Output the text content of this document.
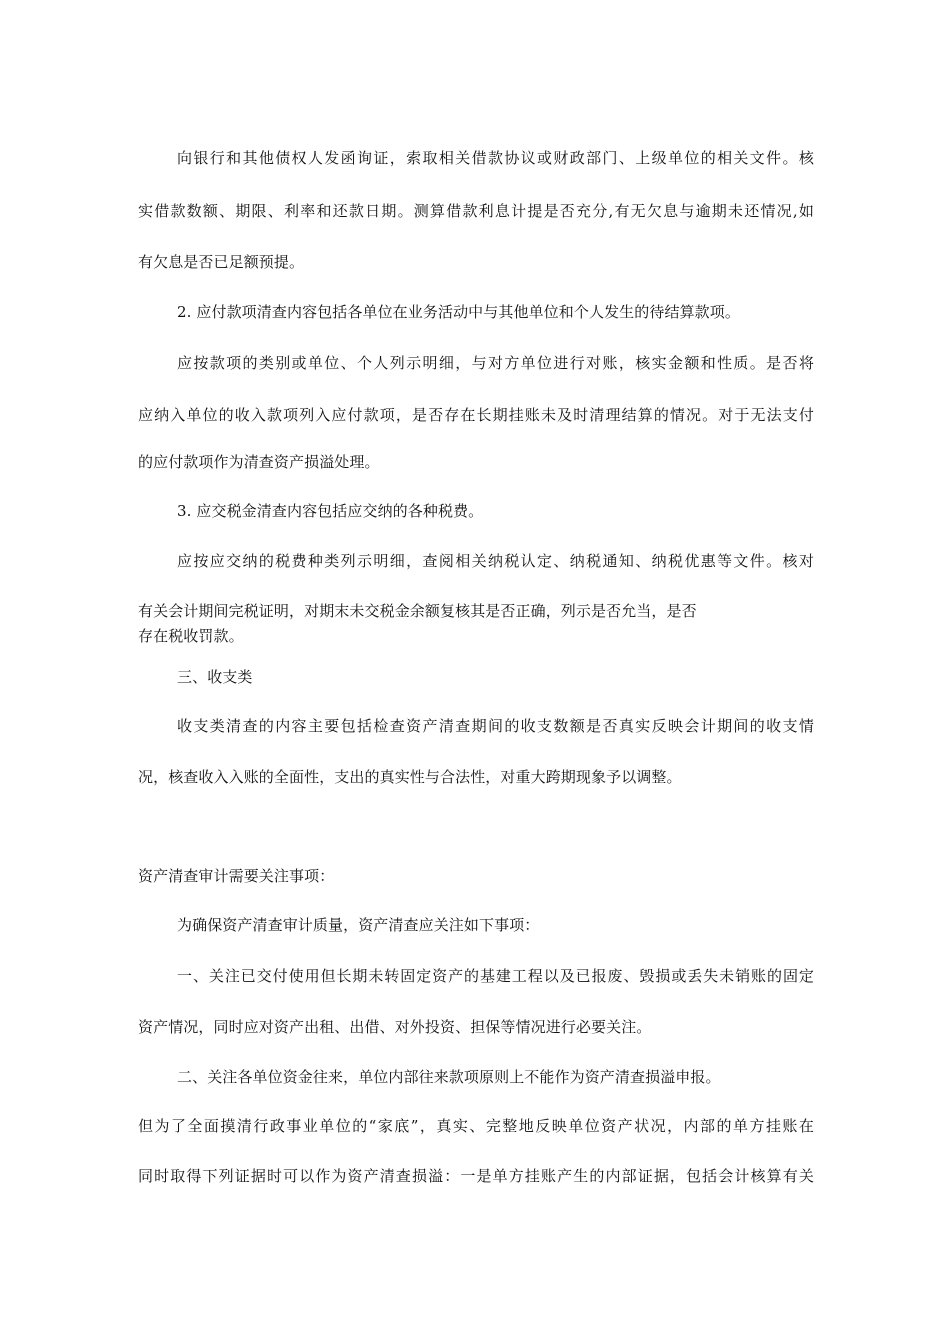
向银行和其他债权人发函询证，索取相关借款协议或财政部门、上级单位的相关文件。核
实借款数额、期限、利率和还款日期。测算借款利息计提是否充分,有无欠息与逾期未还情况,如
有欠息是否已足额预提。
2. 应付款项清查内容包括各单位在业务活动中与其他单位和个人发生的待结算款项。
应按款项的类别或单位、个人列示明细，与对方单位进行对账，核实金额和性质。是否将
应纳入单位的收入款项列入应付款项，是否存在长期挂账未及时清理结算的情况。对于无法支付
的应付款项作为清查资产损溢处理。
3. 应交税金清查内容包括应交纳的各种税费。
应按应交纳的税费种类列示明细，查阅相关纳税认定、纳税通知、纳税优惠等文件。核对
有关会计期间完税证明，对期末未交税金余额复核其是否正确，列示是否允当，是否
存在税收罚款。
三、收支类
收支类清查的内容主要包括检查资产清查期间的收支数额是否真实反映会计期间的收支情
况，核查收入入账的全面性，支出的真实性与合法性，对重大跨期现象予以调整。
资产清查审计需要关注事项：
为确保资产清查审计质量，资产清查应关注如下事项：
一、关注已交付使用但长期未转固定资产的基建工程以及已报废、毁损或丢失未销账的固定
资产情况，同时应对资产出租、出借、对外投资、担保等情况进行必要关注。
二、关注各单位资金往来，单位内部往来款项原则上不能作为资产清查损溢申报。
但为了全面摸清行政事业单位的“家底”，真实、完整地反映单位资产状况，内部的单方挂账在
同时取得下列证据时可以作为资产清查损溢：一是单方挂账产生的内部证据，包括会计核算有关
